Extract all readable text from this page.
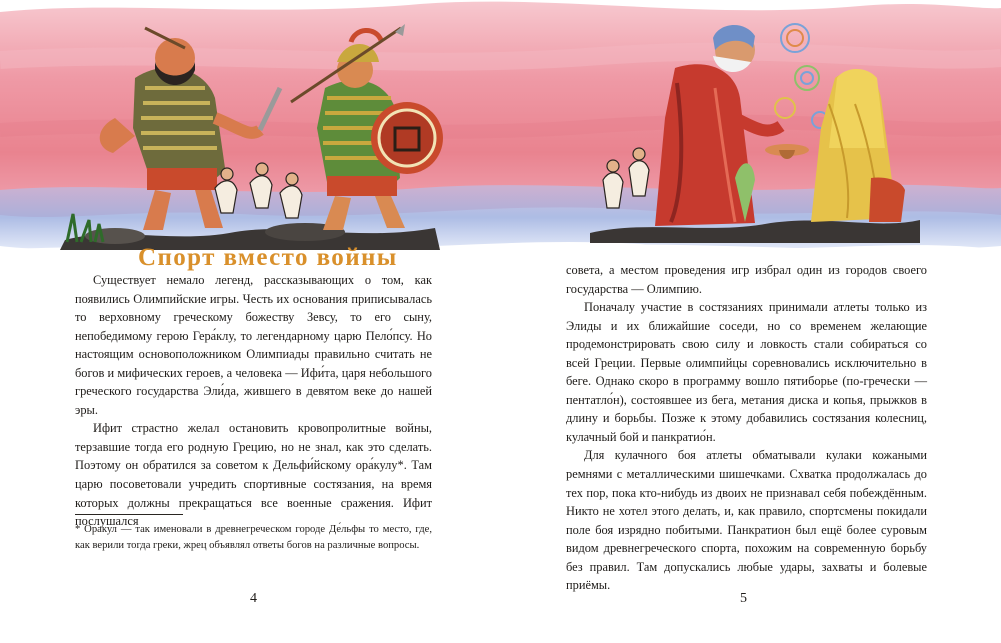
Спорт вместо войны

Существует немало легенд, рассказывающих о том, как появились Олимпийские игры. Честь их основания приписывалась то верховному греческому божеству Зевсу, то его сыну, непобедимому герою Гера́клу, то легендарному царю Пело́псу. Но настоящим основоположником Олимпиады правильно считать не богов и мифических героев, а человека — Ифи́та, царя небольшого греческого государства Эли́да, жившего в девятом веке до нашей эры.

Ифит страстно желал остановить кровопролитные войны, терзавшие тогда его родную Грецию, но не знал, как это сделать. Поэтому он обратился за советом к Дельфи́йскому ора́кулу*. Там царю посоветовали учредить спортивные состязания, на время которых должны прекращаться все военные сражения. Ифит послушался

* Оракул — так именовали в древнегреческом городе Де́льфы то место, где, как верили тогда греки, жрец объявлял ответы богов на различные вопросы.

4	5

совета, а местом проведения игр избрал один из городов своего государства — Олимпию.

Поначалу участие в состязаниях принимали атлеты только из Элиды и их ближайшие соседи, но со временем желающие продемонстрировать свою силу и ловкость стали собираться со всей Греции. Первые олимпийцы соревновались исключительно в беге. Однако скоро в программу вошло пятиборье (по-гречески — пентатло́н), состоявшее из бега, метания диска и копья, прыжков в длину и борьбы. Позже к этому добавились состязания колесниц, кулачный бой и панкратио́н.

Для кулачного боя атлеты обматывали кулаки кожаными ремнями с металлическими шишечками. Схватка продолжалась до тех пор, пока кто-нибудь из двоих не признавал себя побеждённым. Никто не хотел этого делать, и, как правило, спортсмены покидали поле боя изрядно побитыми. Панкратион был ещё более суровым видом древнегреческого спорта, похожим на современную борьбу без правил. Там допускались любые удары, захваты и болевые приёмы.
